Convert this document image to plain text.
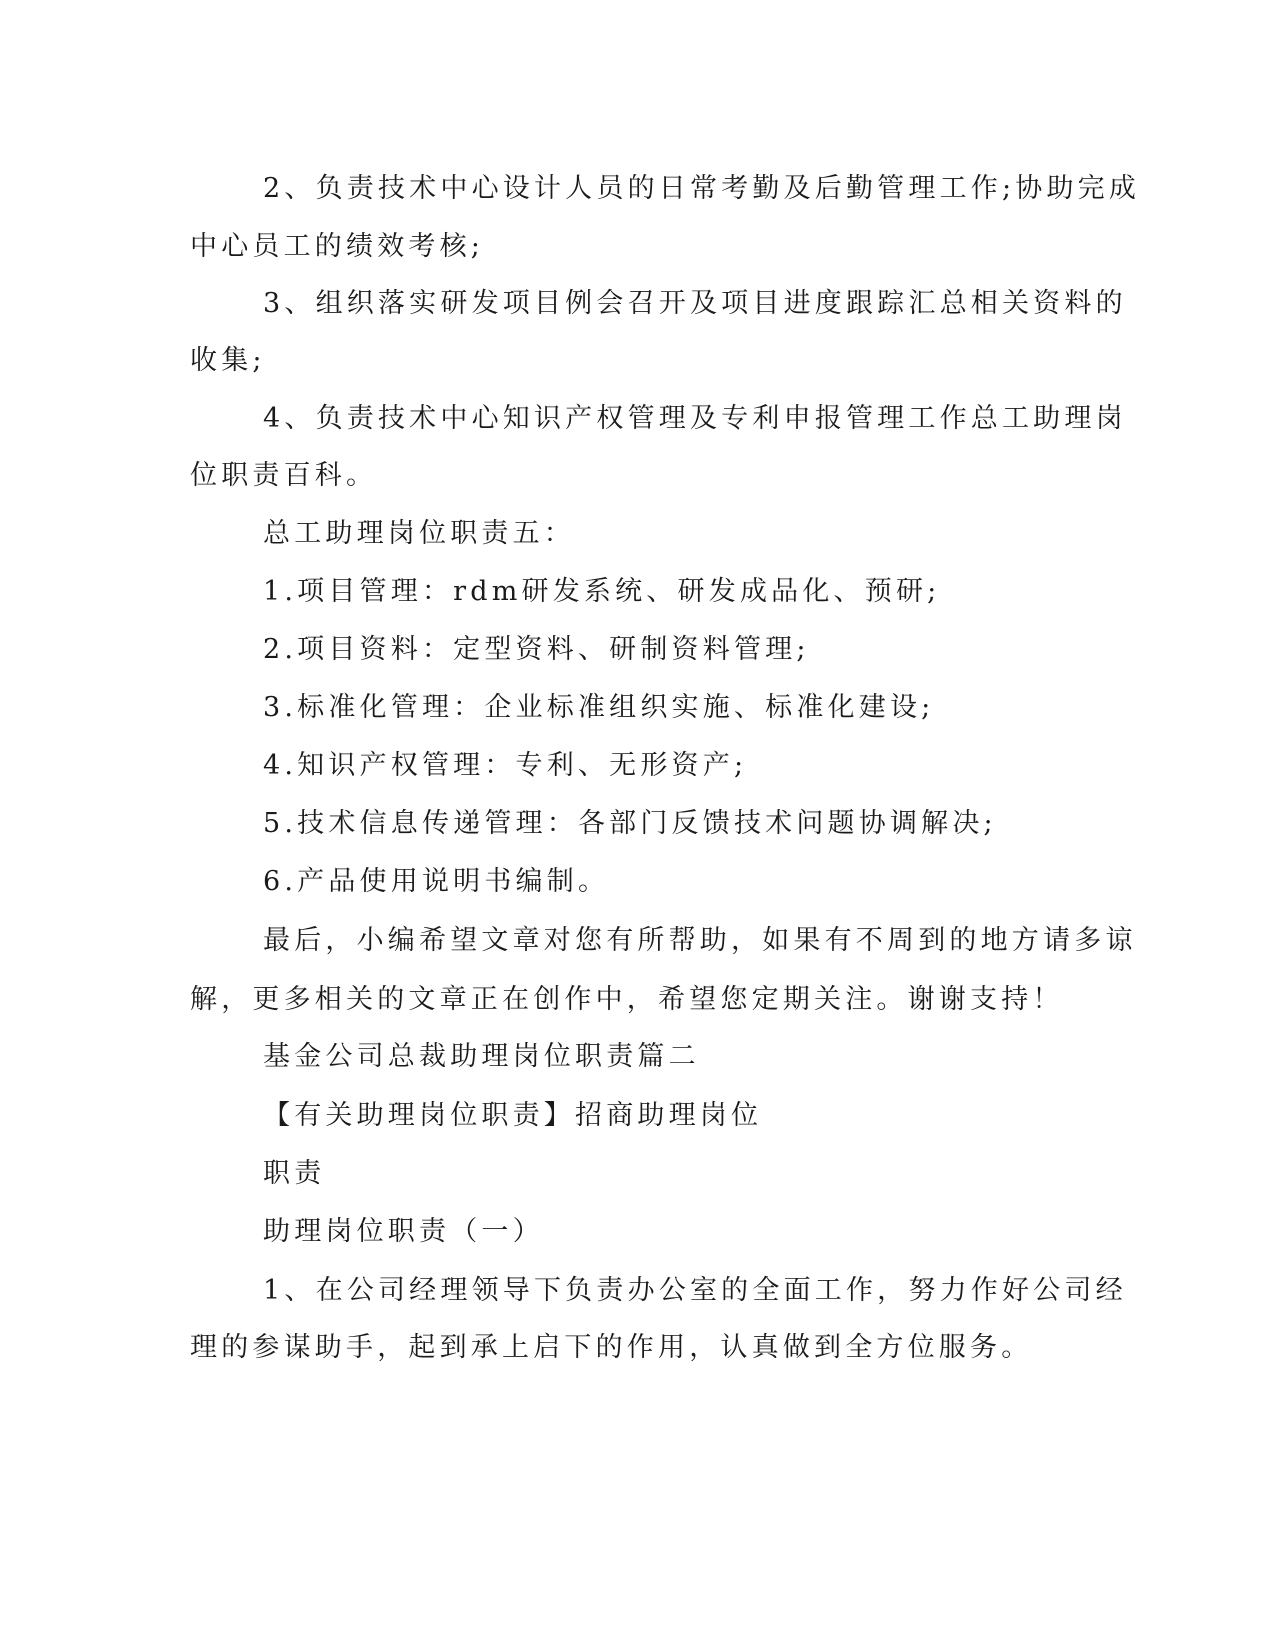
2、负责技术中心设计人员的日常考勤及后勤管理工作;协助完成
中心员工的绩效考核;
3、组织落实研发项目例会召开及项目进度跟踪汇总相关资料的
收集;
4、负责技术中心知识产权管理及专利申报管理工作总工助理岗
位职责百科。
总工助理岗位职责五：
1.项目管理：rdm研发系统、研发成品化、预研;
2.项目资料：定型资料、研制资料管理;
3.标准化管理：企业标准组织实施、标准化建设;
4.知识产权管理：专利、无形资产;
5.技术信息传递管理：各部门反馈技术问题协调解决;
6.产品使用说明书编制。
最后，小编希望文章对您有所帮助，如果有不周到的地方请多谅
解，更多相关的文章正在创作中，希望您定期关注。谢谢支持！
基金公司总裁助理岗位职责篇二
【有关助理岗位职责】招商助理岗位
职责
助理岗位职责（一）
1、在公司经理领导下负责办公室的全面工作，努力作好公司经
理的参谋助手，起到承上启下的作用，认真做到全方位服务。
